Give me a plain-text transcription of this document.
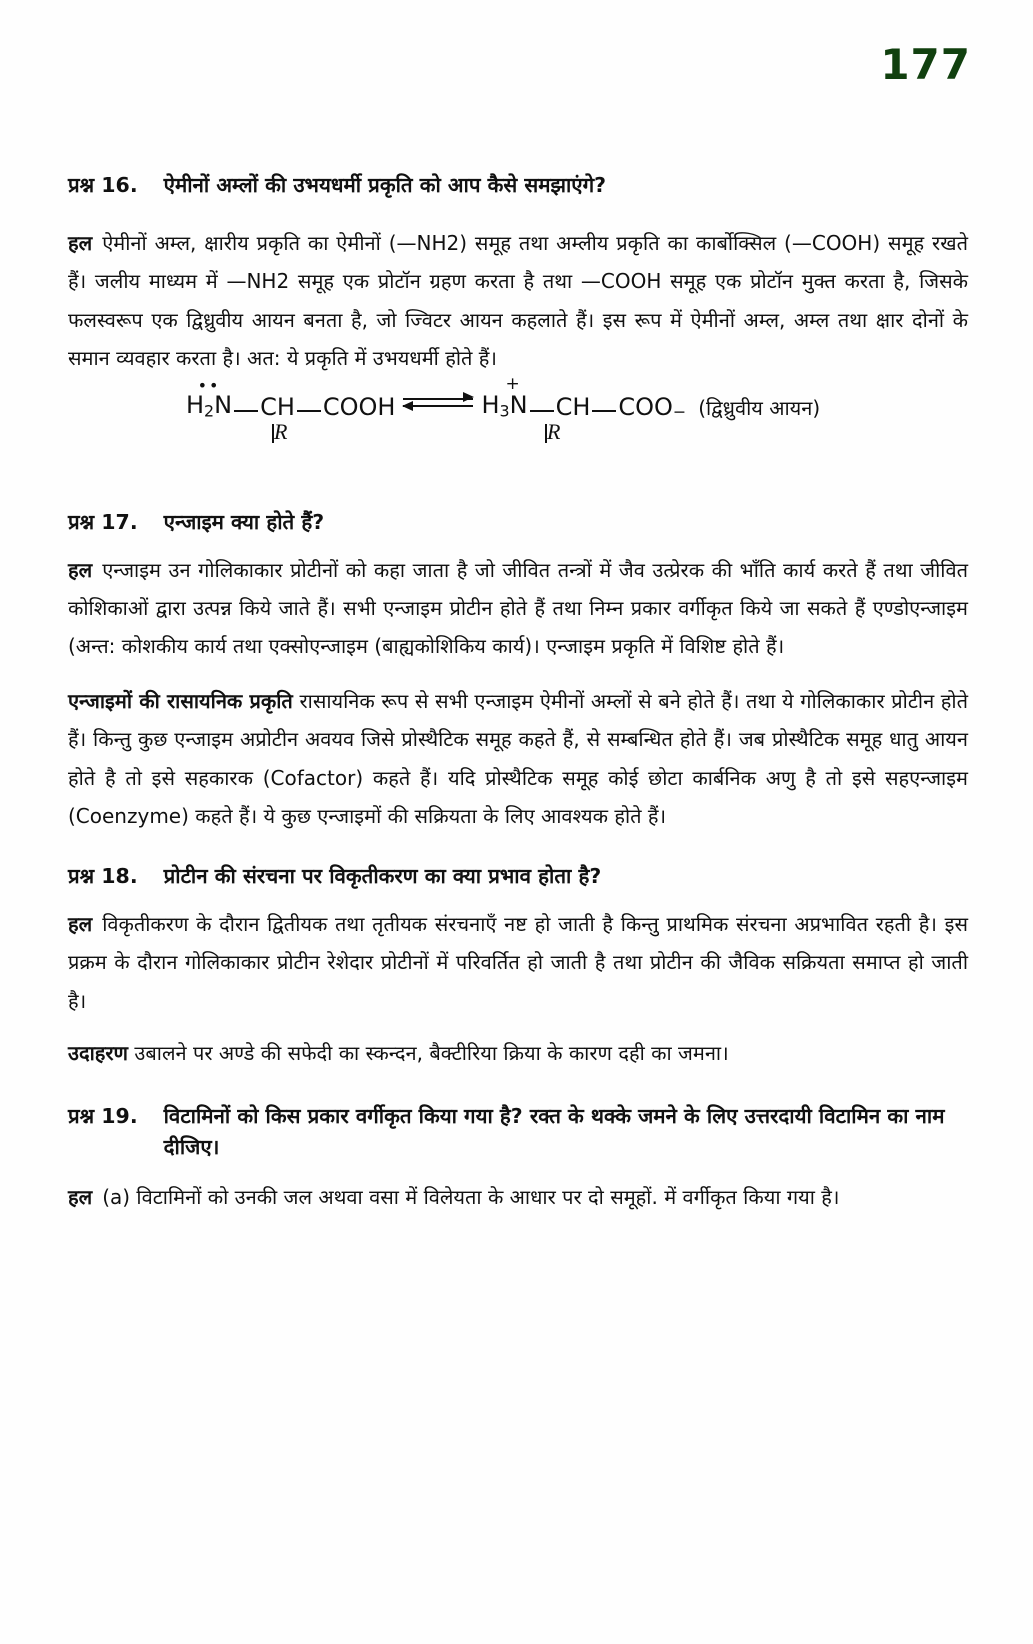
177
प्रश्न 16. ऐमीनों अम्लों की उभयधर्मी प्रकृति को आप कैसे समझाएंगे?

हल ऐमीनों अम्ल, क्षारीय प्रकृति का ऐमीनों (—NH2) समूह तथा अम्लीय प्रकृति का कार्बोक्सिल (—COOH) समूह रखते हैं। जलीय माध्यम में —NH2 समूह एक प्रोटॉन ग्रहण करता है तथा —COOH समूह एक प्रोटॉन मुक्त करता है, जिसके फलस्वरूप एक द्विध्रुवीय आयन बनता है, जो ज्विटर आयन कहलाते हैं। इस रूप में ऐमीनों अम्ल, अम्ल तथा क्षार दोनों के समान व्यवहार करता है। अत: ये प्रकृति में उभयधर्मी होते हैं।

••
$H_2N$ CH COOH	$H_3N$
+
CH COO − (द्विध्रुवीय आयन)
R	R
प्रश्न 17. एन्जाइम क्या होते हैं?

हल एन्जाइम उन गोलिकाकार प्रोटीनों को कहा जाता है जो जीवित तन्त्रों में जैव उत्प्रेरक की भाँति कार्य करते हैं तथा जीवित कोशिकाओं द्वारा उत्पन्न किये जाते हैं। सभी एन्जाइम प्रोटीन होते हैं तथा निम्न प्रकार वर्गीकृत किये जा सकते हैं एण्डोएन्जाइम (अन्त: कोशकीय कार्य तथा एक्सोएन्जाइम (बाह्यकोशिकिय कार्य)। एन्जाइम प्रकृति में विशिष्ट होते हैं।

एन्जाइमों की रासायनिक प्रकृति रासायनिक रूप से सभी एन्जाइम ऐमीनों अम्लों से बने होते हैं। तथा ये गोलिकाकार प्रोटीन होते हैं। किन्तु कुछ एन्जाइम अप्रोटीन अवयव जिसे प्रोस्थैटिक समूह कहते हैं, से सम्बन्धित होते हैं। जब प्रोस्थैटिक समूह धातु आयन होते है तो इसे सहकारक (Cofactor) कहते हैं। यदि प्रोस्थैटिक समूह कोई छोटा कार्बनिक अणु है तो इसे सहएन्जाइम (Coenzyme) कहते हैं। ये कुछ एन्जाइमों की सक्रियता के लिए आवश्यक होते हैं।

प्रश्न 18. प्रोटीन की संरचना पर विकृतीकरण का क्या प्रभाव होता है?

हल विकृतीकरण के दौरान द्वितीयक तथा तृतीयक संरचनाएँ नष्ट हो जाती है किन्तु प्राथमिक संरचना अप्रभावित रहती है। इस प्रक्रम के दौरान गोलिकाकार प्रोटीन रेशेदार प्रोटीनों में परिवर्तित हो जाती है तथा प्रोटीन की जैविक सक्रियता समाप्त हो जाती है।

उदाहरण उबालने पर अण्डे की सफेदी का स्कन्दन, बैक्टीरिया क्रिया के कारण दही का जमना।

प्रश्न 19. विटामिनों को किस प्रकार वर्गीकृत किया गया है? रक्त के थक्के जमने के लिए उत्तरदायी विटामिन का नाम दीजिए।

हल (a) विटामिनों को उनकी जल अथवा वसा में विलेयता के आधार पर दो समूहों. में वर्गीकृत किया गया है।
